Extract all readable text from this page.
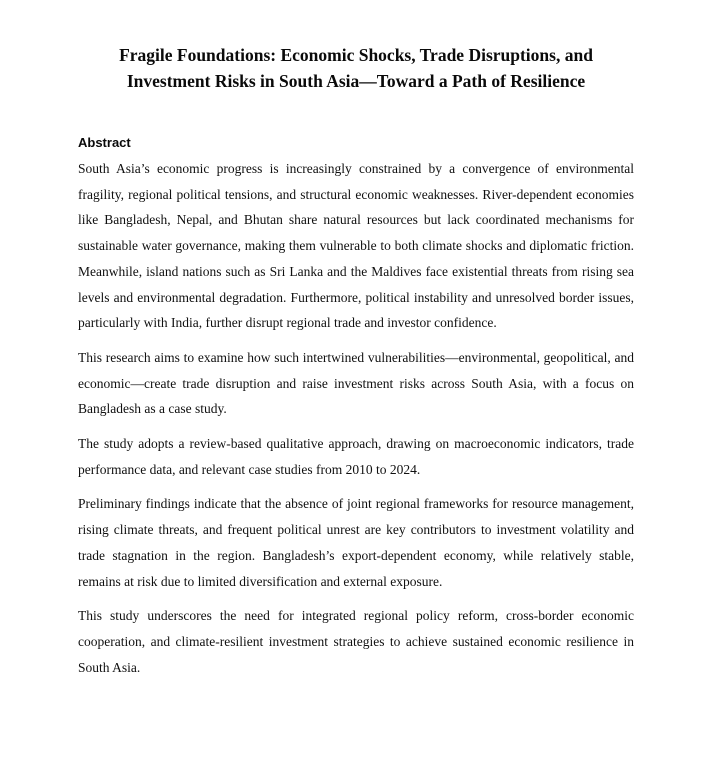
Fragile Foundations: Economic Shocks, Trade Disruptions, and Investment Risks in South Asia—Toward a Path of Resilience
Abstract

South Asia’s economic progress is increasingly constrained by a convergence of environmental fragility, regional political tensions, and structural economic weaknesses. River-dependent economies like Bangladesh, Nepal, and Bhutan share natural resources but lack coordinated mechanisms for sustainable water governance, making them vulnerable to both climate shocks and diplomatic friction. Meanwhile, island nations such as Sri Lanka and the Maldives face existential threats from rising sea levels and environmental degradation. Furthermore, political instability and unresolved border issues, particularly with India, further disrupt regional trade and investor confidence.

This research aims to examine how such intertwined vulnerabilities—environmental, geopolitical, and economic—create trade disruption and raise investment risks across South Asia, with a focus on Bangladesh as a case study.

The study adopts a review-based qualitative approach, drawing on macroeconomic indicators, trade performance data, and relevant case studies from 2010 to 2024.

Preliminary findings indicate that the absence of joint regional frameworks for resource management, rising climate threats, and frequent political unrest are key contributors to investment volatility and trade stagnation in the region. Bangladesh’s export-dependent economy, while relatively stable, remains at risk due to limited diversification and external exposure.

This study underscores the need for integrated regional policy reform, cross-border economic cooperation, and climate-resilient investment strategies to achieve sustained economic resilience in South Asia.
